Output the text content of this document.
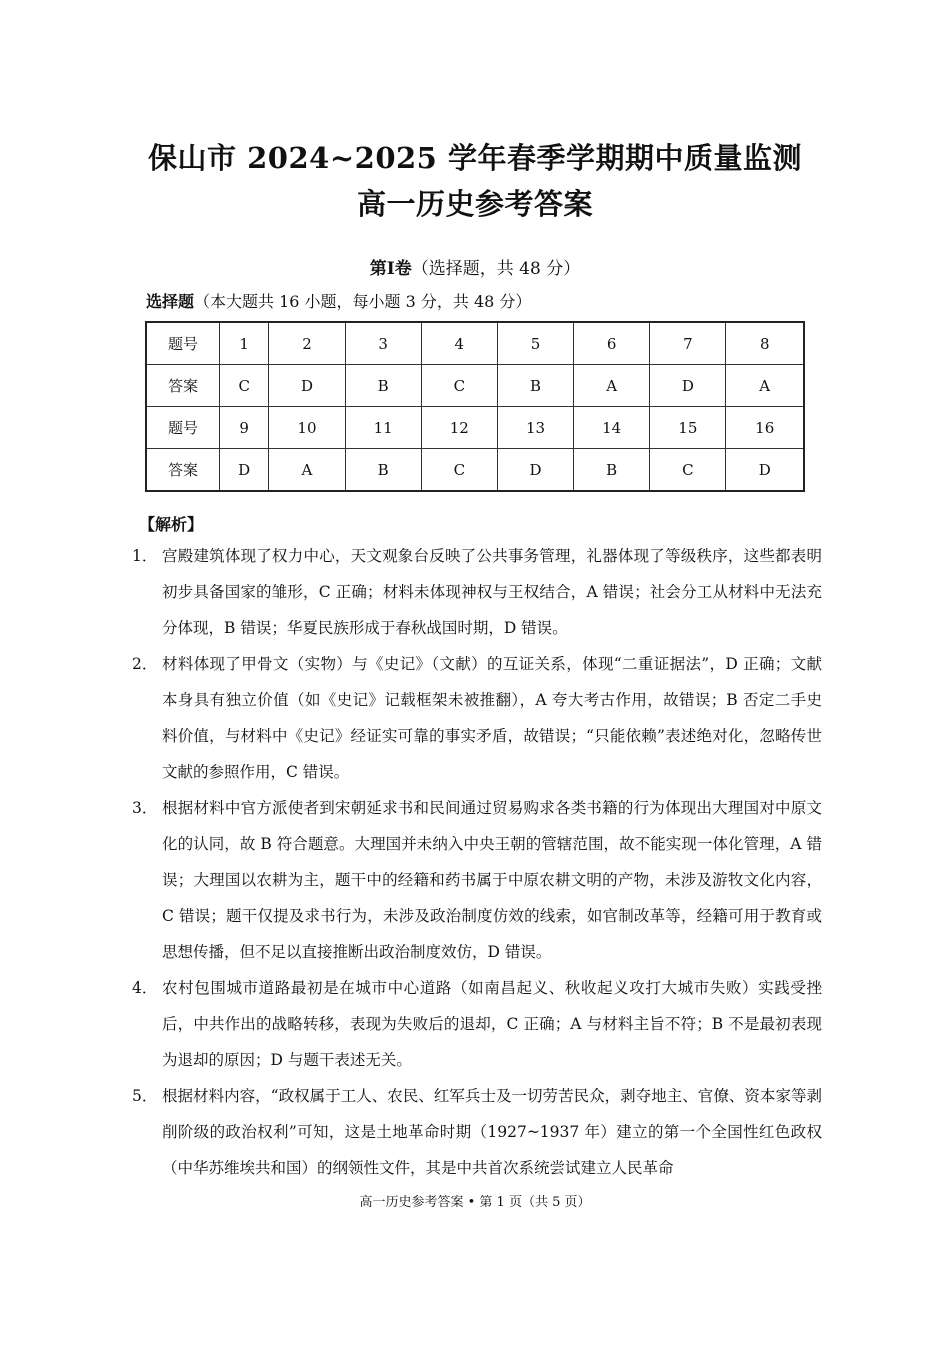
保山市 2024~2025 学年春季学期期中质量监测
高一历史参考答案
第Ⅰ卷（选择题，共 48 分）
选择题（本大题共 16 小题，每小题 3 分，共 48 分）
题号	1	2	3	4	5	6	7	8
答案	C	D	B	C	B	A	D	A
题号	9	10	11	12	13	14	15	16
答案	D	A	B	C	D	B	C	D
【解析】
1． 宫殿建筑体现了权力中心，天文观象台反映了公共事务管理，礼器体现了等级秩序，这些都表明初步具备国家的雏形，C 正确；材料未体现神权与王权结合，A 错误；社会分工从材料中无法充分体现，B 错误；华夏民族形成于春秋战国时期，D 错误。
2． 材料体现了甲骨文（实物）与《史记》（文献）的互证关系，体现“二重证据法”，D 正确；文献本身具有独立价值（如《史记》记载框架未被推翻），A 夸大考古作用，故错误；B 否定二手史料价值，与材料中《史记》经证实可靠的事实矛盾，故错误；“只能依赖”表述绝对化，忽略传世文献的参照作用，C 错误。
3． 根据材料中官方派使者到宋朝延求书和民间通过贸易购求各类书籍的行为体现出大理国对中原文化的认同，故 B 符合题意。大理国并未纳入中央王朝的管辖范围，故不能实现一体化管理，A 错误；大理国以农耕为主，题干中的经籍和药书属于中原农耕文明的产物，未涉及游牧文化内容，C 错误；题干仅提及求书行为，未涉及政治制度仿效的线索，如官制改革等，经籍可用于教育或思想传播，但不足以直接推断出政治制度效仿，D 错误。
4． 农村包围城市道路最初是在城市中心道路（如南昌起义、秋收起义攻打大城市失败）实践受挫后，中共作出的战略转移，表现为失败后的退却，C 正确；A 与材料主旨不符；B 不是最初表现为退却的原因；D 与题干表述无关。
5． 根据材料内容，“政权属于工人、农民、红军兵士及一切劳苦民众，剥夺地主、官僚、资本家等剥削阶级的政治权利”可知，这是土地革命时期（1927~1937 年）建立的第一个全国性红色政权（中华苏维埃共和国）的纲领性文件，其是中共首次系统尝试建立人民革命
高一历史参考答案 • 第 1 页（共 5 页）
